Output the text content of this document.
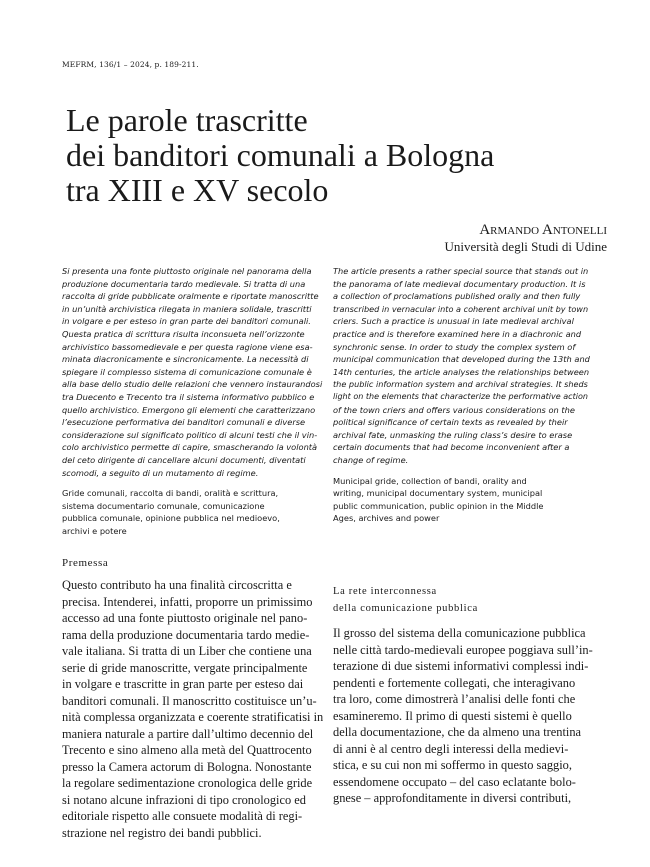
MEFRM, 136/1 – 2024, p. 189-211.
Le parole trascritte
dei banditori comunali a Bologna
tra XIII e XV secolo
Armando Antonelli
Università degli Studi di Udine

Si presenta una fonte piuttosto originale nel panorama della
produzione documentaria tardo medievale. Si tratta di una
raccolta di gride pubblicate oralmente e riportate manoscritte
in un’unità archivistica rilegata in maniera solidale, trascritti
in volgare e per esteso in gran parte dei banditori comunali.
Questa pratica di scrittura risulta inconsueta nell’orizzonte
archivistico bassomedievale e per questa ragione viene esa-
minata diacronicamente e sincronicamente. La necessità di
spiegare il complesso sistema di comunicazione comunale è
alla base dello studio delle relazioni che vennero instaurandosi
tra Duecento e Trecento tra il sistema informativo pubblico e
quello archivistico. Emergono gli elementi che caratterizzano
l’esecuzione performativa dei banditori comunali e diverse
considerazione sul significato politico di alcuni testi che il vin-
colo archivistico permette di capire, smascherando la volontà
del ceto dirigente di cancellare alcuni documenti, diventati
scomodi, a seguito di un mutamento di regime.

Gride comunali, raccolta di bandi, oralità e scrittura,
sistema documentario comunale, comunicazione
pubblica comunale, opinione pubblica nel medioevo,
archivi e potere

The article presents a rather special source that stands out in
the panorama of late medieval documentary production. It is
a collection of proclamations published orally and then fully
transcribed in vernacular into a coherent archival unit by town
criers. Such a practice is unusual in late medieval archival
practice and is therefore examined here in a diachronic and
synchronic sense. In order to study the complex system of
municipal communication that developed during the 13th and
14th centuries, the article analyses the relationships between
the public information system and archival strategies. It sheds
light on the elements that characterize the performative action
of the town criers and offers various considerations on the
political significance of certain texts as revealed by their
archival fate, unmasking the ruling class’s desire to erase
certain documents that had become inconvenient after a
change of regime.

Municipal gride, collection of bandi, orality and
writing, municipal documentary system, municipal
public communication, public opinion in the Middle
Ages, archives and power

Premessa
Questo contributo ha una finalità circoscritta e
precisa. Intenderei, infatti, proporre un primissimo
accesso ad una fonte piuttosto originale nel pano-
rama della produzione documentaria tardo medie-
vale italiana. Si tratta di un Liber che contiene una
serie di gride manoscritte, vergate principalmente
in volgare e trascritte in gran parte per esteso dai
banditori comunali. Il manoscritto costituisce un’u-
nità complessa organizzata e coerente stratificatisi in
maniera naturale a partire dall’ultimo decennio del
Trecento e sino almeno alla metà del Quattrocento
presso la Camera actorum di Bologna. Nonostante
la regolare sedimentazione cronologica delle gride
si notano alcune infrazioni di tipo cronologico ed
editoriale rispetto alle consuete modalità di regi-
strazione nel registro dei bandi pubblici.
La rete interconnessa
della comunicazione pubblica
Il grosso del sistema della comunicazione pubblica
nelle città tardo-medievali europee poggiava sull’in-
terazione di due sistemi informativi complessi indi-
pendenti e fortemente collegati, che interagivano
tra loro, come dimostrerà l’analisi delle fonti che
esamineremo. Il primo di questi sistemi è quello
della documentazione, che da almeno una trentina
di anni è al centro degli interessi della medievi-
stica, e su cui non mi soffermo in questo saggio,
essendomene occupato – del caso eclatante bolo-
gnese – approfonditamente in diversi contributi,
